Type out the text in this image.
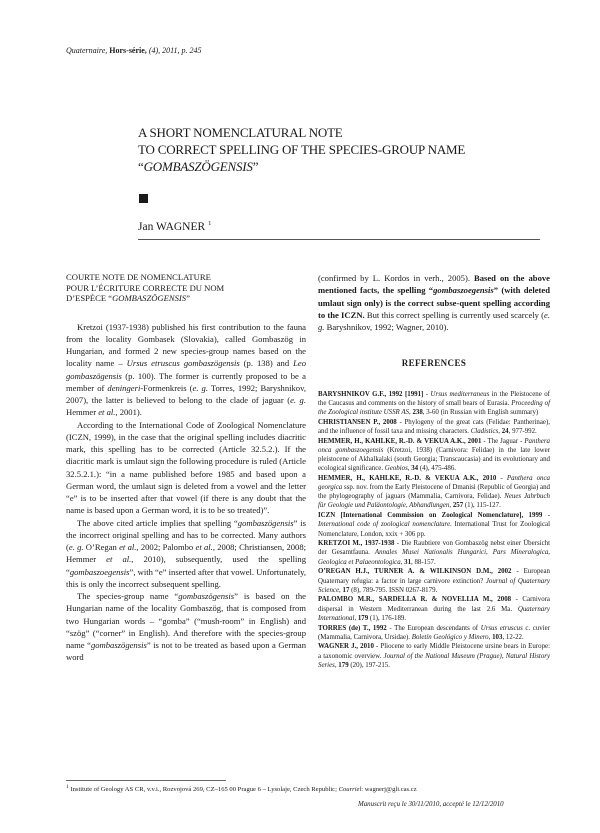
Quaternaire, Hors-série, (4), 2011, p. 245
A SHORT NOMENCLATURAL NOTE
TO CORRECT SPELLING OF THE SPECIES-GROUP NAME
“GOMBASZÖGENSIS”
Jan WAGNER $^1$
COURTE NOTE DE NOMENCLATURE
POUR L’ÉCRITURE CORRECTE DU NOM
D’ESPÈCE “GOMBASZÖGENSIS”

Kretzoi (1937-1938) published his first contribution to the fauna from the locality Gombasek (Slovakia), called Gombaszög in Hungarian, and formed 2 new species-group names based on the locality name – Ursus etruscus gombaszögensis (p. 138) and Leo gombaszögensis (p. 100). The former is currently proposed to be a member of deningeri-Formenkreis (e. g. Torres, 1992; Baryshnikov, 2007), the latter is believed to belong to the clade of jaguar (e. g. Hemmer et al., 2001).

According to the International Code of Zoological Nomenclature (ICZN, 1999), in the case that the original spelling includes diacritic mark, this spelling has to be corrected (Article 32.5.2.). If the diacritic mark is umlaut sign the following procedure is ruled (Article 32.5.2.1.): “in a name published before 1985 and based upon a German word, the umlaut sign is deleted from a vowel and the letter “e” is to be inserted after that vowel (if there is any doubt that the name is based upon a German word, it is to be so treated)”.

The above cited article implies that spelling “gombaszögensis” is the incorrect original spelling and has to be corrected. Many authors (e. g. O’Regan et al., 2002; Palombo et al., 2008; Christiansen, 2008; Hemmer et al., 2010), subsequently, used the spelling “gombaszoegensis”, with “e” inserted after that vowel. Unfortunately, this is only the incorrect subsequent spelling.

The species-group name “gombaszögensis” is based on the Hungarian name of the locality Gombaszög, that is composed from two Hungarian words – “gomba” (“mush-room” in English) and “szög” (“corner” in English). And therefore with the species-group name “gombaszögensis” is not to be treated as based upon a German word

(confirmed by L. Kordos in verh., 2005). Based on the above mentioned facts, the spelling “gombaszoegensis” (with deleted umlaut sign only) is the correct subse-quent spelling according to the ICZN. But this correct spelling is currently used scarcely (e. g. Baryshnikov, 1992; Wagner, 2010).

REFERENCES

BARYSHNIKOV G.F., 1992 [1991] - Ursus mediterraneus in the Pleistocene of the Caucasus and comments on the history of small bears of Eurasia. Proceeding of the Zoological institute USSR AS, 238, 3-60 (in Russian with English summary)

CHRISTIANSEN P., 2008 - Phylogeny of the great cats (Felidae: Pantherinae), and the influence of fossil taxa and missing characters. Cladistics, 24, 977-992.

HEMMER, H., KAHLKE, R.-D. & VEKUA A.K., 2001 - The Jaguar - Panthera onca gombaszoegensis (Kretzoi, 1938) (Carnivora: Felidae) in the late lower pleistocene of Akhalkalaki (south Georgia; Transcaucasia) and its evolutionary and ecological significance. Geobios, 34 (4), 475-486.

HEMMER, H., KAHLKE, R.-D. & VEKUA A.K., 2010 - Panthera onca georgica ssp. nov. from the Early Pleistocene of Dmanisi (Republic of Georgia) and the phylogeography of jaguars (Mammalia, Carnivora, Felidae). Neues Jahrbuch für Geologie und Paläontologie, Abhandlungen, 257 (1), 115-127.

ICZN [International Commission on Zoological Nomenclature], 1999 - International code of zoological nomenclature. International Trust for Zoological Nomenclature, London, xxix + 306 pp.

KRETZOI M., 1937-1938 - Die Raubtiere von Gombaszög nebst einer Übersicht der Gesamtfauna. Annales Musei Nationalis Hungarici, Pars Mineralogica, Geologica et Palaeontologica, 31, 88-157.

O’REGAN H.J., TURNER A. & WILKINSON D.M., 2002 - European Quaternary refugia: a factor in large carnivore extinction? Journal of Quaternary Science, 17 (8), 789-795. ISSN 0267-8179.

PALOMBO M.R., SARDELLA R. & NOVELLIA M., 2008 - Carnivora dispersal in Western Mediterranean during the last 2.6 Ma. Quaternary International, 179 (1), 176-189.

TORRES (de) T., 1992 - The European descendants of Ursus etruscus c. cuvier (Mammalia, Carnivora, Ursidae). Boletín Geológico y Minero, 103, 12-22.

WAGNER J., 2010 - Pliocene to early Middle Pleistocene ursine bears in Europe: a taxonomic overview. Journal of the National Museum (Prague), Natural History Series, 179 (20), 197-215.

$^1$ Institute of Geology AS CR, v.v.i., Rozvojová 269, CZ–165 00 Prague 6 – Lysolaje, Czech Republic; Courriel: wagnerj@gli.cas.cz
Manuscrit reçu le 30/11/2010, accepté le 12/12/2010
